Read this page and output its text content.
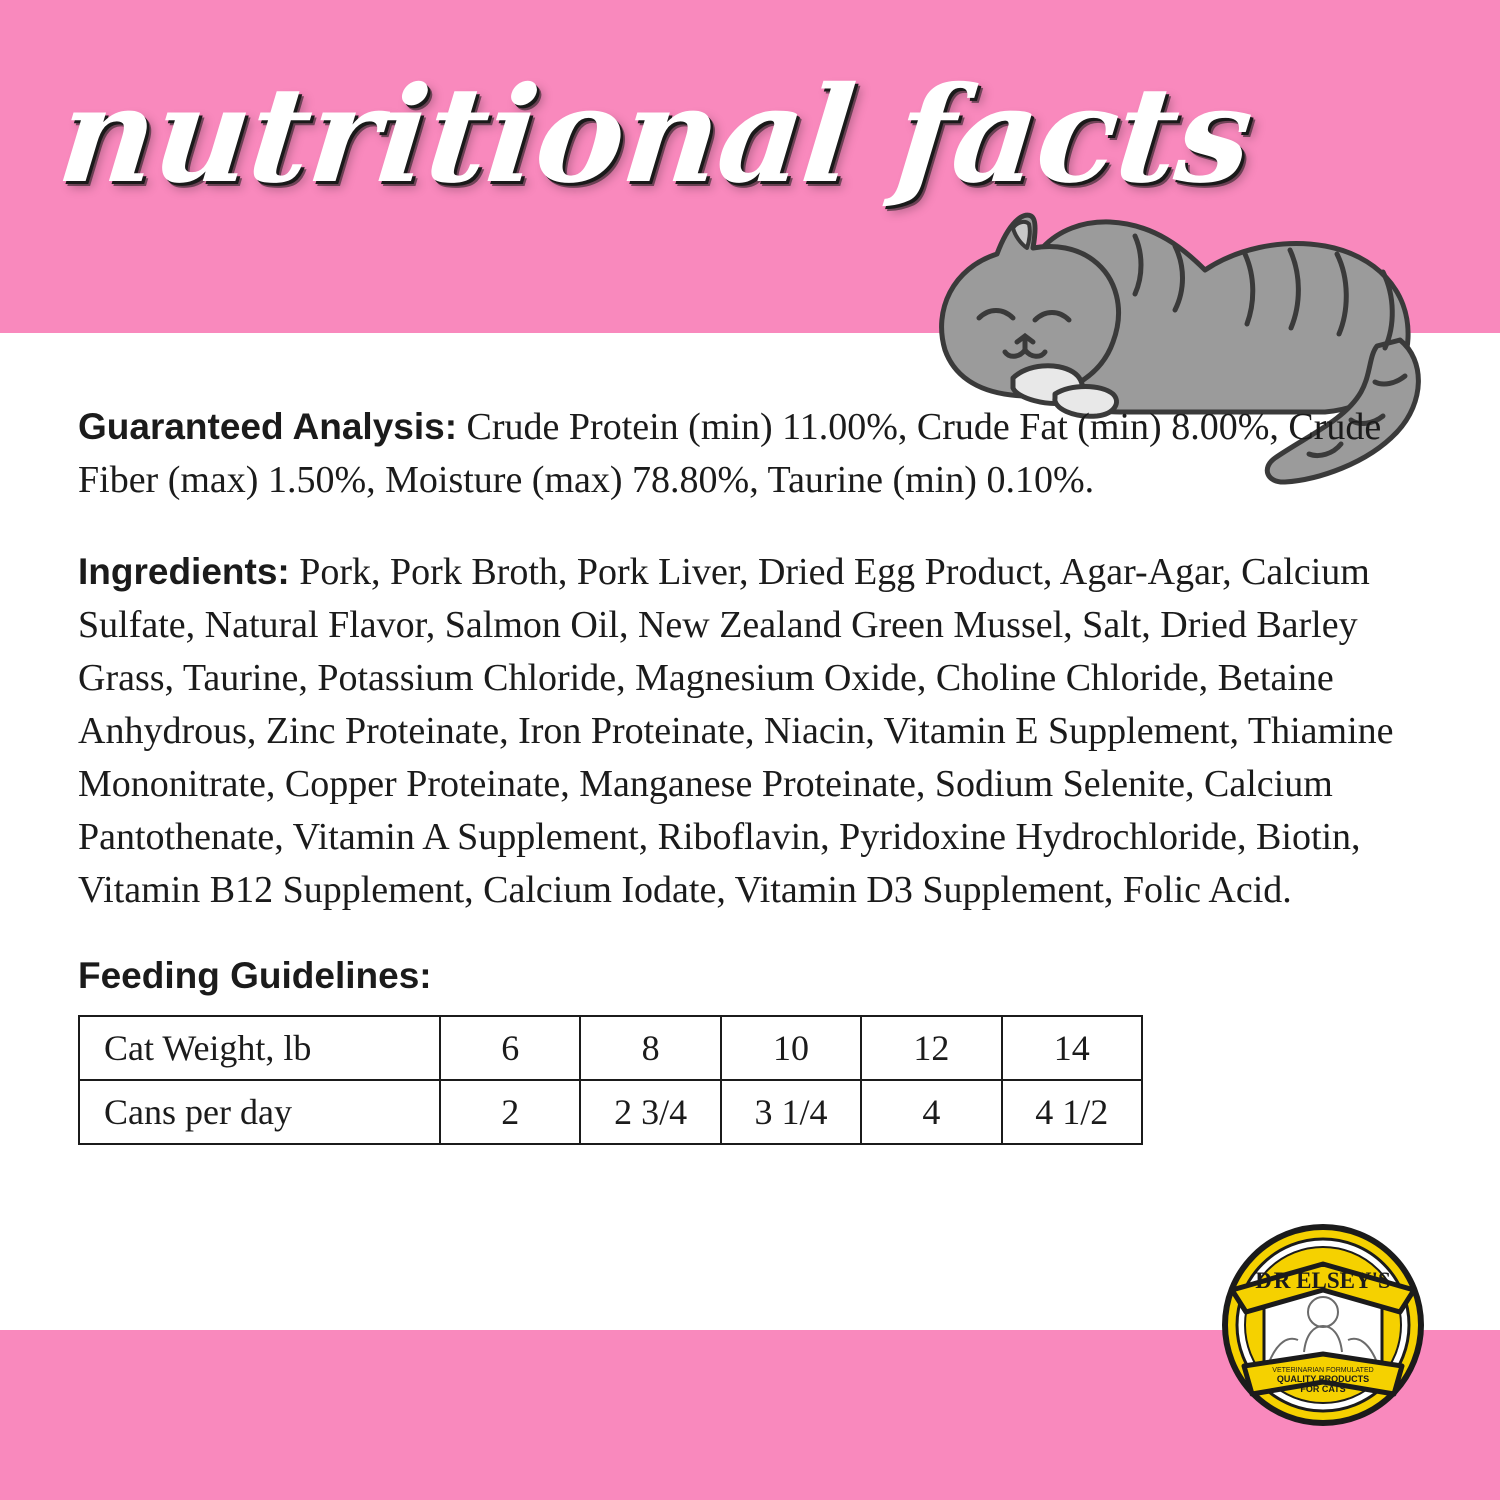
nutritional facts

Guaranteed Analysis: Crude Protein (min) 11.00%, Crude Fat (min) 8.00%, Crude Fiber (max) 1.50%, Moisture (max) 78.80%, Taurine (min) 0.10%.

Ingredients: Pork, Pork Broth, Pork Liver, Dried Egg Product, Agar-Agar, Calcium Sulfate, Natural Flavor, Salmon Oil, New Zealand Green Mussel, Salt, Dried Barley Grass, Taurine, Potassium Chloride, Magnesium Oxide, Choline Chloride, Betaine Anhydrous, Zinc Proteinate, Iron Proteinate, Niacin, Vitamin E Supplement, Thiamine Mononitrate, Copper Proteinate, Manganese Proteinate, Sodium Selenite, Calcium Pantothenate, Vitamin A Supplement, Riboflavin, Pyridoxine Hydrochloride, Biotin, Vitamin B12 Supplement, Calcium Iodate, Vitamin D3 Supplement, Folic Acid.

Feeding Guidelines:
Cat Weight, lb	6	8	10	12	14
Cans per day	2	2 3/4	3 1/4	4	4 1/2
D R ELSEY'S
VETERINARIAN FORMULATED
QUALITY PRODUCTS
FOR CATS
